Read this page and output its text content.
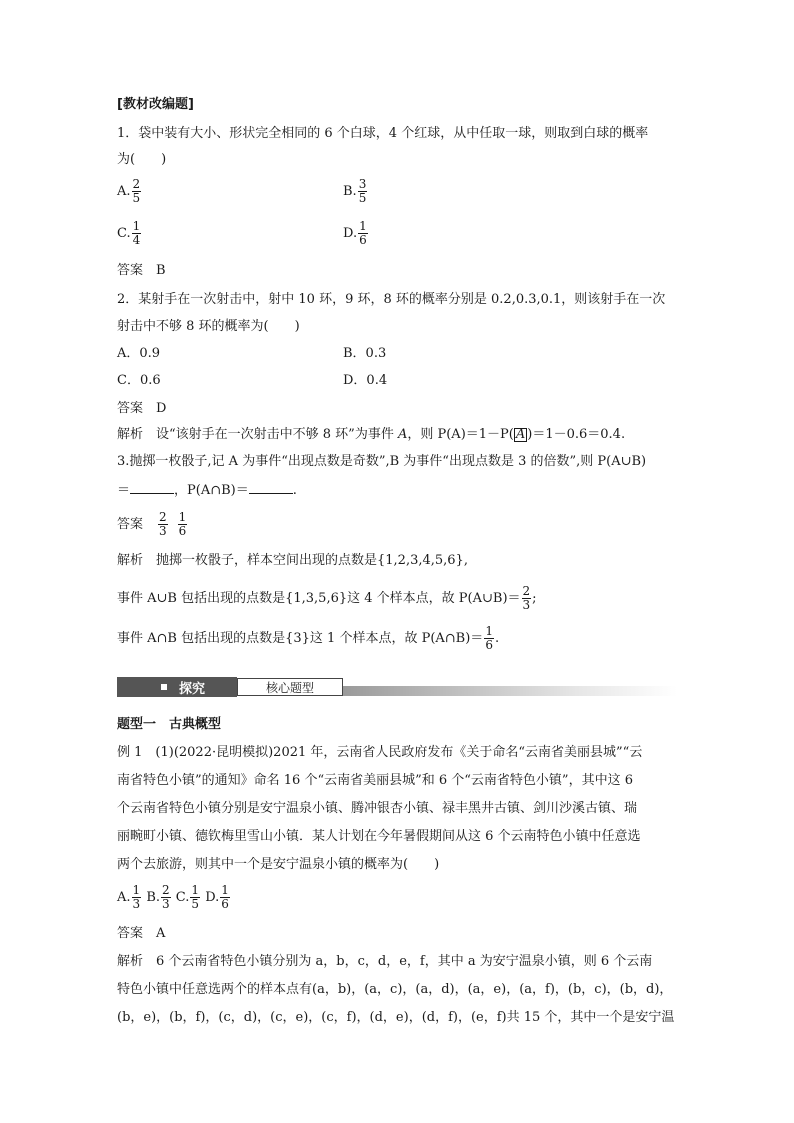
[教材改编题]
1．袋中装有大小、形状完全相同的 6 个白球，4 个红球，从中任取一球，则取到白球的概率
为(　　)
A. $\frac{2}{5}$	B. $\frac{3}{5}$
C. $\frac{1}{4}$	D. $\frac{1}{6}$
答案　B
2．某射手在一次射击中，射中 10 环，9 环，8 环的概率分别是 0.2,0.3,0.1，则该射手在一次
射击中不够 8 环的概率为(　　)
A．0.9	B．0.3
C．0.6	D．0.4
答案　D
解析　设“该射手在一次射击中不够 8 环”为事件 A，则 P(A)＝1－P( A )＝1－0.6＝0.4.
3.抛掷一枚骰子,记 A 为事件“出现点数是奇数”,B 为事件“出现点数是 3 的倍数”,则 P(A∪B)
＝	，P(A∩B)＝	.
答案 $\frac{2}{3} \frac{1}{6}$
解析　抛掷一枚骰子，样本空间出现的点数是{1,2,3,4,5,6},
事件 A∪B 包括出现的点数是{1,3,5,6}这 4 个样本点，故 P(A∪B)＝ $\frac{2}{3}$ ;
事件 A∩B 包括出现的点数是{3}这 1 个样本点，故 P(A∩B)＝ $\frac{1}{6}$ .
探究	核心题型
题型一　古典概型
例 1　(1)(2022·昆明模拟)2021 年，云南省人民政府发布《关于命名“云南省美丽县城”“云
南省特色小镇”的通知》命名 16 个“云南省美丽县城”和 6 个“云南省特色小镇”，其中这 6
个云南省特色小镇分别是安宁温泉小镇、腾冲银杏小镇、禄丰黑井古镇、剑川沙溪古镇、瑞
丽畹町小镇、德钦梅里雪山小镇．某人计划在今年暑假期间从这 6 个云南特色小镇中任意选
两个去旅游，则其中一个是安宁温泉小镇的概率为(　　)
A. $\frac{1}{3} B$. $\frac{2}{3} C$. $\frac{1}{5} D$. $\frac{1}{6}$
答案　A
解析　6 个云南省特色小镇分别为 a，b，c，d，e，f，其中 a 为安宁温泉小镇，则 6 个云南
特色小镇中任意选两个的样本点有(a，b)，(a，c)，(a，d)，(a，e)，(a，f)，(b，c)，(b，d)，
(b，e)，(b，f)，(c，d)，(c，e)，(c，f)，(d，e)，(d，f)，(e，f)共 15 个，其中一个是安宁温
